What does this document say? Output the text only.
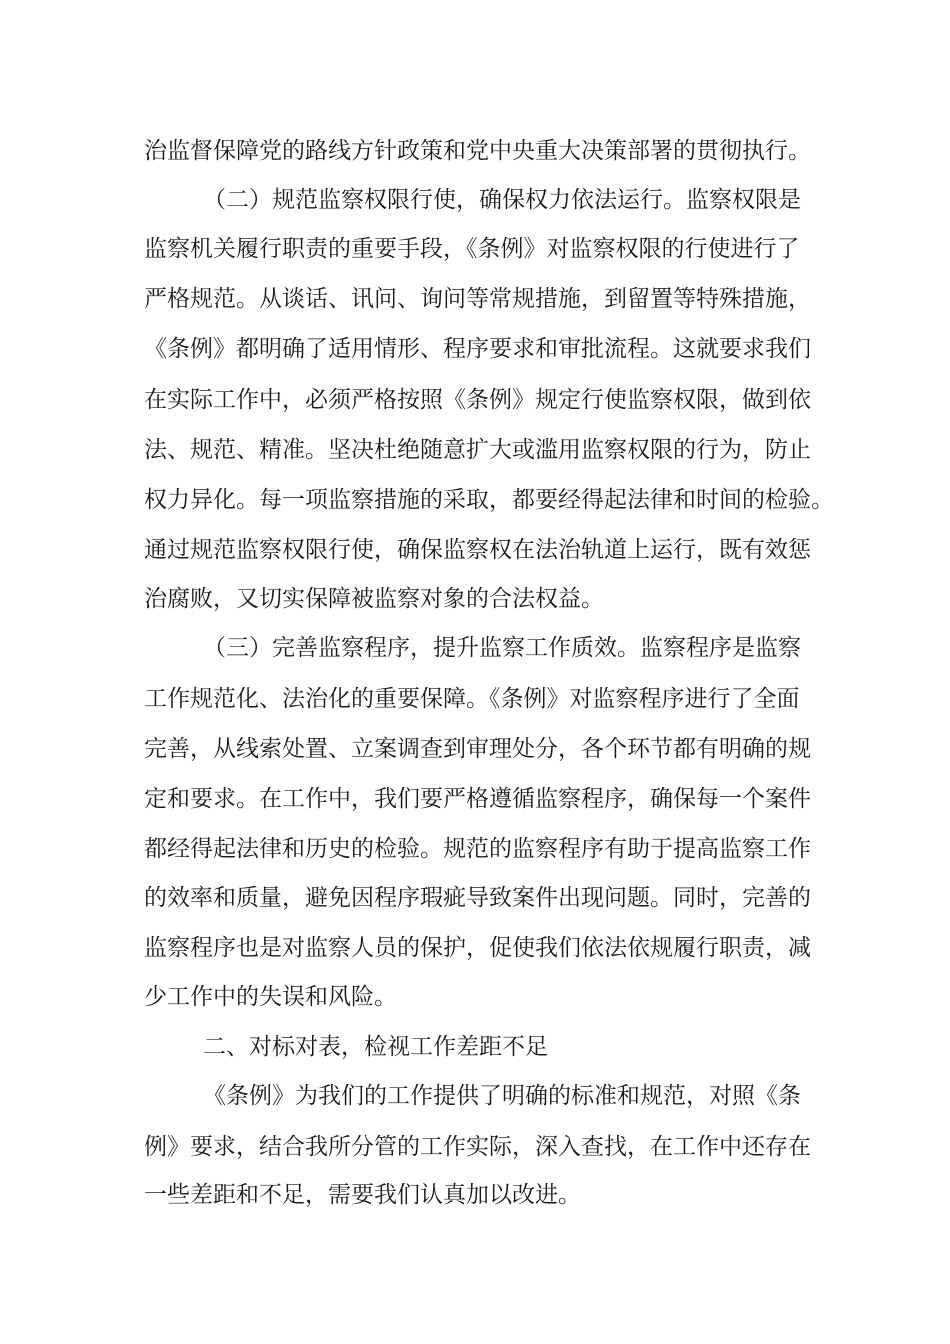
治监督保障党的路线方针政策和党中央重大决策部署的贯彻执行。
（二）规范监察权限行使，确保权力依法运行。监察权限是
监察机关履行职责的重要手段，《条例》对监察权限的行使进行了
严格规范。从谈话、讯问、询问等常规措施，到留置等特殊措施，
《条例》都明确了适用情形、程序要求和审批流程。这就要求我们
在实际工作中，必须严格按照《条例》规定行使监察权限，做到依
法、规范、精准。坚决杜绝随意扩大或滥用监察权限的行为，防止
权力异化。每一项监察措施的采取，都要经得起法律和时间的检验。
通过规范监察权限行使，确保监察权在法治轨道上运行，既有效惩
治腐败，又切实保障被监察对象的合法权益。
（三）完善监察程序，提升监察工作质效。监察程序是监察
工作规范化、法治化的重要保障。《条例》对监察程序进行了全面
完善，从线索处置、立案调查到审理处分，各个环节都有明确的规
定和要求。在工作中，我们要严格遵循监察程序，确保每一个案件
都经得起法律和历史的检验。规范的监察程序有助于提高监察工作
的效率和质量，避免因程序瑕疵导致案件出现问题。同时，完善的
监察程序也是对监察人员的保护，促使我们依法依规履行职责，减
少工作中的失误和风险。
二、对标对表，检视工作差距不足
《条例》为我们的工作提供了明确的标准和规范，对照《条
例》要求，结合我所分管的工作实际，深入查找，在工作中还存在
一些差距和不足，需要我们认真加以改进。
